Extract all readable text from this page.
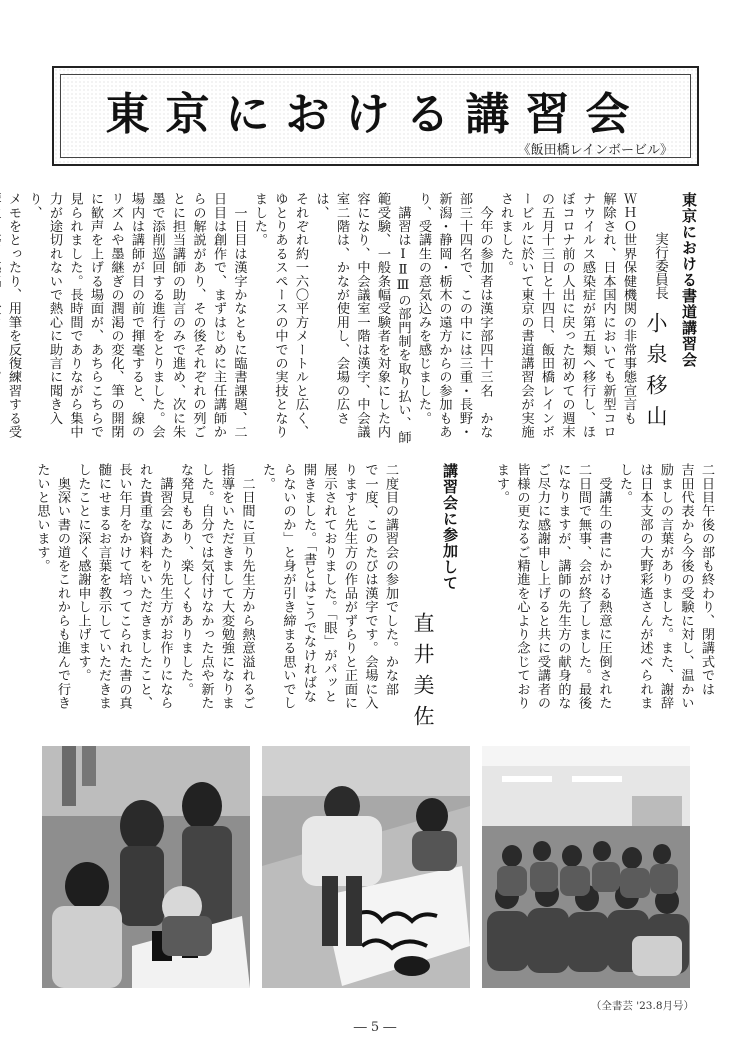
東京における講習会
《飯田橋レインボービル》
東京における書道講習会
実行委員長
小泉移山
ＷＨＯ世界保健機関の非常事態宣言も
解除され、日本国内においても新型コロ
ナウイルス感染症が第五類へ移行し、ほ
ぼコロナ前の人出に戻った初めての週末
の五月十三日と十四日、飯田橋レインボ
ービルに於いて東京の書道講習会が実施
されました。
　今年の参加者は漢字部四十三名　かな
部三十四名で、この中には三重・長野・
新潟・静岡・栃木の遠方からの参加もあ
り、受講生の意気込みを感じました。
　講習はⅠⅡⅢの部門制を取り払い、師
範受験、一般条幅受験者を対象にした内
容になり、中会議室一階は漢字、中会議
室二階は、かなが使用し、会場の広さは、
それぞれ約一六〇平方メートルと広く、
ゆとりあるスペースの中での実技となり
ました。
　一日目は漢字かなともに臨書課題、二
日目は創作で、まずはじめに主任講師か
らの解説があり、その後それぞれの列ご
とに担当講師の助言のみで進め、次に朱
墨で添削巡回する進行をとりました。会
場内は講師が目の前で揮毫すると、線の
リズムや墨継ぎの潤渇の変化、筆の開閉
に歓声を上げる場面が、あちらこちらで
見られました。長時間でありながら集中
力が途切れないで熱心に助言に聞き入り、
メモをとったり、用筆を反復練習する受

二日目午後の部も終わり、閉講式では
吉田代表から今後の受験に対し、温かい
励ましの言葉がありました。また、謝辞
は日本支部の大野彩遙さんが述べられま
した。
　受講生の書にかける熱意に圧倒された
二日間で無事、会が終了しました。最後
になりますが、講師の先生方の献身的な
ご尽力に感謝申し上げると共に受講者の
皆様の更なるご精進を心より念じており
ます。
講習会に参加して
直井美佐
二度目の講習会の参加でした。かな部
で一度、このたびは漢字です。会場に入
りますと先生方の作品がずらりと正面に
展示されておりました。「眼」がパッと
開きました。「書とはこうでなければな
らないのか」と身が引き締まる思いでし
た。
　二日間に亘り先生方から熱意溢れるご
指導をいただきまして大変勉強になりま
した。自分では気付けなかった点や新た
な発見もあり、楽しくもありました。
　講習会にあたり先生方がお作りになら
れた貴重な資料をいただきましたこと、
長い年月をかけて培ってこられた書の真
髄にせまるお言葉を教示していただきま
したことに深く感謝申し上げます。
　奥深い書の道をこれからも進んで行き
たいと思います。
（全書芸 '23.8月号）
― 5 ―
